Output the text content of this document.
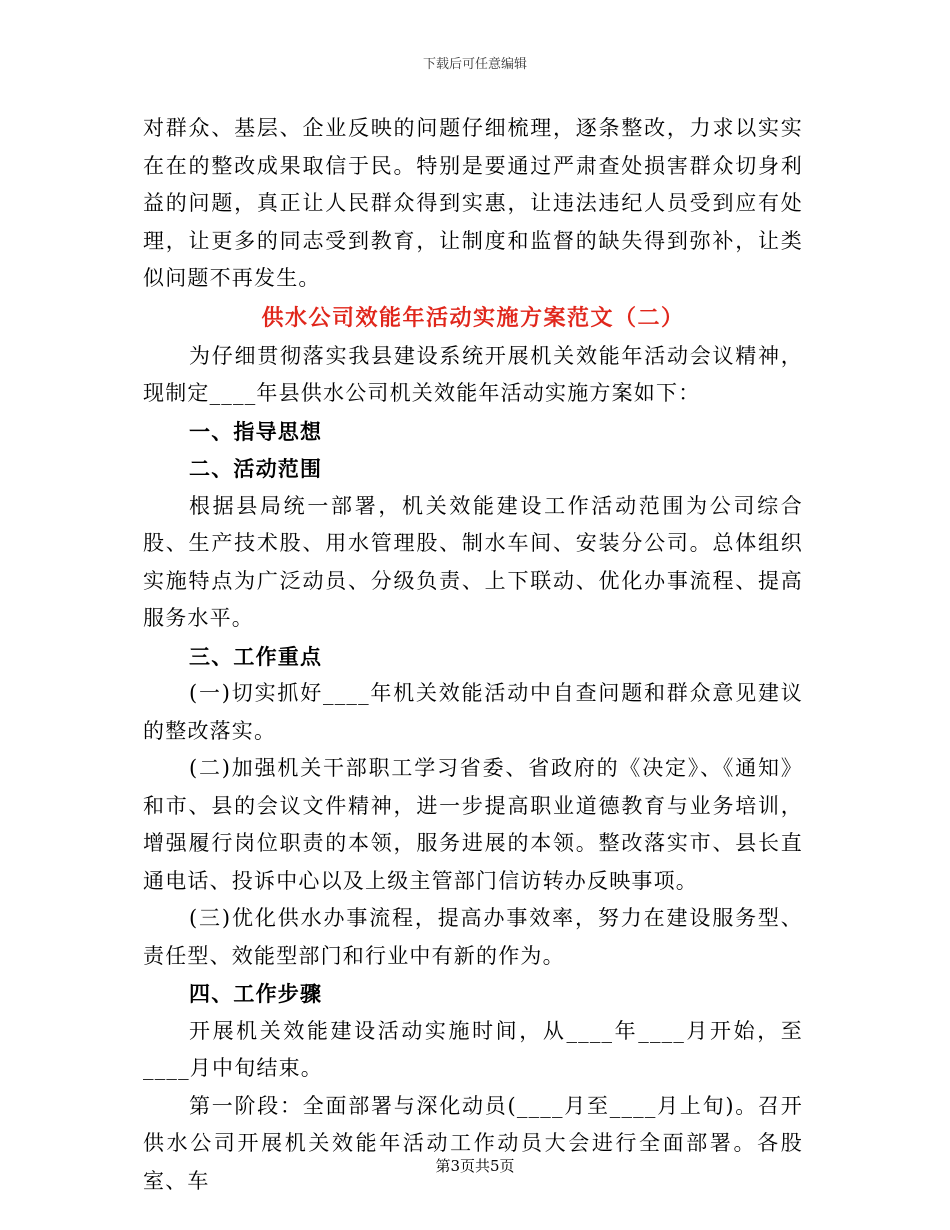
下载后可任意编辑

对群众、基层、企业反映的问题仔细梳理，逐条整改，力求以实实在在的整改成果取信于民。特别是要通过严肃查处损害群众切身利益的问题，真正让人民群众得到实惠，让违法违纪人员受到应有处理，让更多的同志受到教育，让制度和监督的缺失得到弥补，让类似问题不再发生。

供水公司效能年活动实施方案范文（二）

为仔细贯彻落实我县建设系统开展机关效能年活动会议精神，现制定____年县供水公司机关效能年活动实施方案如下：

一、指导思想
二、活动范围

根据县局统一部署，机关效能建设工作活动范围为公司综合股、生产技术股、用水管理股、制水车间、安装分公司。总体组织实施特点为广泛动员、分级负责、上下联动、优化办事流程、提高服务水平。

三、工作重点

(一)切实抓好____年机关效能活动中自查问题和群众意见建议的整改落实。

(二)加强机关干部职工学习省委、省政府的《决定》、《通知》和市、县的会议文件精神，进一步提高职业道德教育与业务培训，增强履行岗位职责的本领，服务进展的本领。整改落实市、县长直通电话、投诉中心以及上级主管部门信访转办反映事项。

(三)优化供水办事流程，提高办事效率，努力在建设服务型、责任型、效能型部门和行业中有新的作为。

四、工作步骤

开展机关效能建设活动实施时间，从____年____月开始，至____月中旬结束。

第一阶段：全面部署与深化动员(____月至____月上旬)。召开供水公司开展机关效能年活动工作动员大会进行全面部署。各股室、车

第3页共5页
